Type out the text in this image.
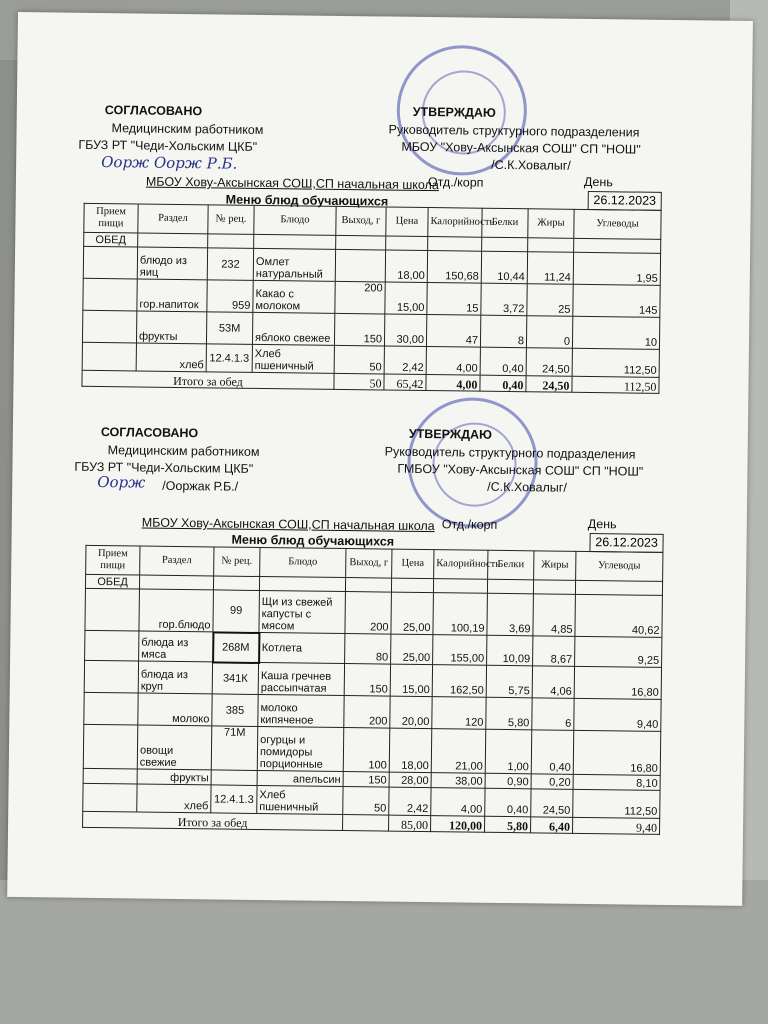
СОГЛАСОВАНО
Медицинским работником
ГБУЗ РТ "Чеди-Хольским ЦКБ"
Оорж Оорж Р.Б.
УТВЕРЖДАЮ
Руководитель структурного подразделения
МБОУ "Хову-Аксынская СОШ" СП "НОШ"
/С.К.Ховалыг/
МБОУ Хову-Аксынская СОШ,СП начальная школа
Отд./корп	День
Меню блюд обучающихся	26.12.2023
Прием пищи	Раздел	№ рец.	Блюдо	Выход, г	Цена	Калорийность	Белки	Жиры	Углеводы
ОБЕД									
	блюдо из яиц	232	Омлет натуральный		18,00	150,68	10,44	11,24	1,95
	гор.напиток	959	Какао с молоком	200	15,00	15	3,72	25	145
	фрукты	53М	яблоко свежее	150	30,00	47	8	0	10
	хлеб	12.4.1.3	Хлеб пшеничный	50	2,42	4,00	0,40	24,50	112,50
Итого за обед				50	65,42	4,00	0,40	24,50	112,50
СОГЛАСОВАНО
Медицинским работником
ГБУЗ РТ "Чеди-Хольским ЦКБ"
Оорж /Ооржак Р.Б./
УТВЕРЖДАЮ
Руководитель структурного подразделения
ГМБОУ "Хову-Аксынская СОШ" СП "НОШ"
/С.К.Ховалыг/
МБОУ Хову-Аксынская СОШ,СП начальная школа Отд./корп	День
Меню блюд обучающихся	26.12.2023
Прием пищи	Раздел	№ рец.	Блюдо	Выход, г	Цена	Калорийность	Белки	Жиры	Углеводы
ОБЕД									
	гор.блюдо	99	Щи из свежей капусты с мясом	200	25,00	100,19	3,69	4,85	40,62
	блюда из мяса	268М	Котлета	80	25,00	155,00	10,09	8,67	9,25
	блюда из круп	341К	Каша гречнев рассыпчатая	150	15,00	162,50	5,75	4,06	16,80
	молоко	385	молоко кипяченое	200	20,00	120	5,80	6	9,40
	овощи свежие	71М	огурцы и помидоры порционные	100	18,00	21,00	1,00	0,40	16,80
	фрукты		апельсин	150	28,00	38,00	0,90	0,20	8,10
	хлеб	12.4.1.3	Хлеб пшеничный	50	2,42	4,00	0,40	24,50	112,50
Итого за обед					85,00	120,00	5,80	6,40	9,40
